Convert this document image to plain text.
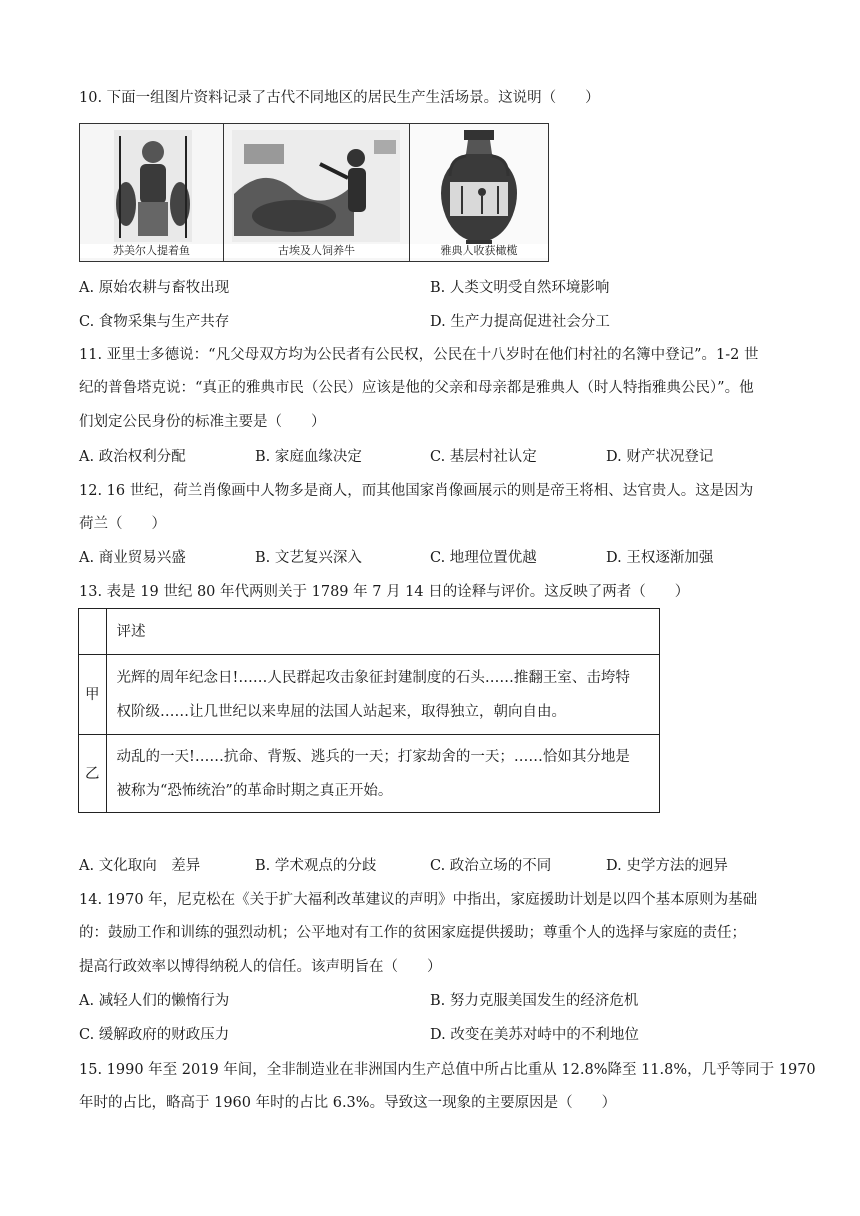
10. 下面一组图片资料记录了古代不同地区的居民生产生活场景。这说明（　　）
苏美尔人提着鱼	古埃及人饲养牛	雅典人收获橄榄
A. 原始农耕与畜牧出现	B. 人类文明受自然环境影响
C. 食物采集与生产共存	D. 生产力提高促进社会分工
11. 亚里士多德说：“凡父母双方均为公民者有公民权，公民在十八岁时在他们村社的名簿中登记”。1-2 世
纪的普鲁塔克说：“真正的雅典市民（公民）应该是他的父亲和母亲都是雅典人（时人特指雅典公民）”。他
们划定公民身份的标准主要是（　　）
A. 政治权利分配	B. 家庭血缘决定	C. 基层村社认定	D. 财产状况登记
12. 16 世纪，荷兰肖像画中人物多是商人，而其他国家肖像画展示的则是帝王将相、达官贵人。这是因为
荷兰（　　）
A. 商业贸易兴盛	B. 文艺复兴深入	C. 地理位置优越	D. 王权逐渐加强
13. 表是 19 世纪 80 年代两则关于 1789 年 7 月 14 日的诠释与评价。这反映了两者（　　）
	评述
甲	光辉的周年纪念日!……人民群起攻击象征封建制度的石头……推翻王室、击垮特
权阶级……让几世纪以来卑屈的法国人站起来，取得独立，朝向自由。

乙	动乱的一天!……抗命、背叛、逃兵的一天；打家劫舍的一天；……恰如其分地是
被称为“恐怖统治”的革命时期之真正开始。
A. 文化取向　差异	B. 学术观点的分歧	C. 政治立场的不同	D. 史学方法的迥异
14. 1970 年，尼克松在《关于扩大福利改革建议的声明》中指出，家庭援助计划是以四个基本原则为基础
的：鼓励工作和训练的强烈动机；公平地对有工作的贫困家庭提供援助；尊重个人的选择与家庭的责任；
提高行政效率以博得纳税人的信任。该声明旨在（　　）
A. 减轻人们的懒惰行为	B. 努力克服美国发生的经济危机
C. 缓解政府的财政压力	D. 改变在美苏对峙中的不利地位
15. 1990 年至 2019 年间，全非制造业在非洲国内生产总值中所占比重从 12.8%降至 11.8%，几乎等同于 1970
年时的占比，略高于 1960 年时的占比 6.3%。导致这一现象的主要原因是（　　）
